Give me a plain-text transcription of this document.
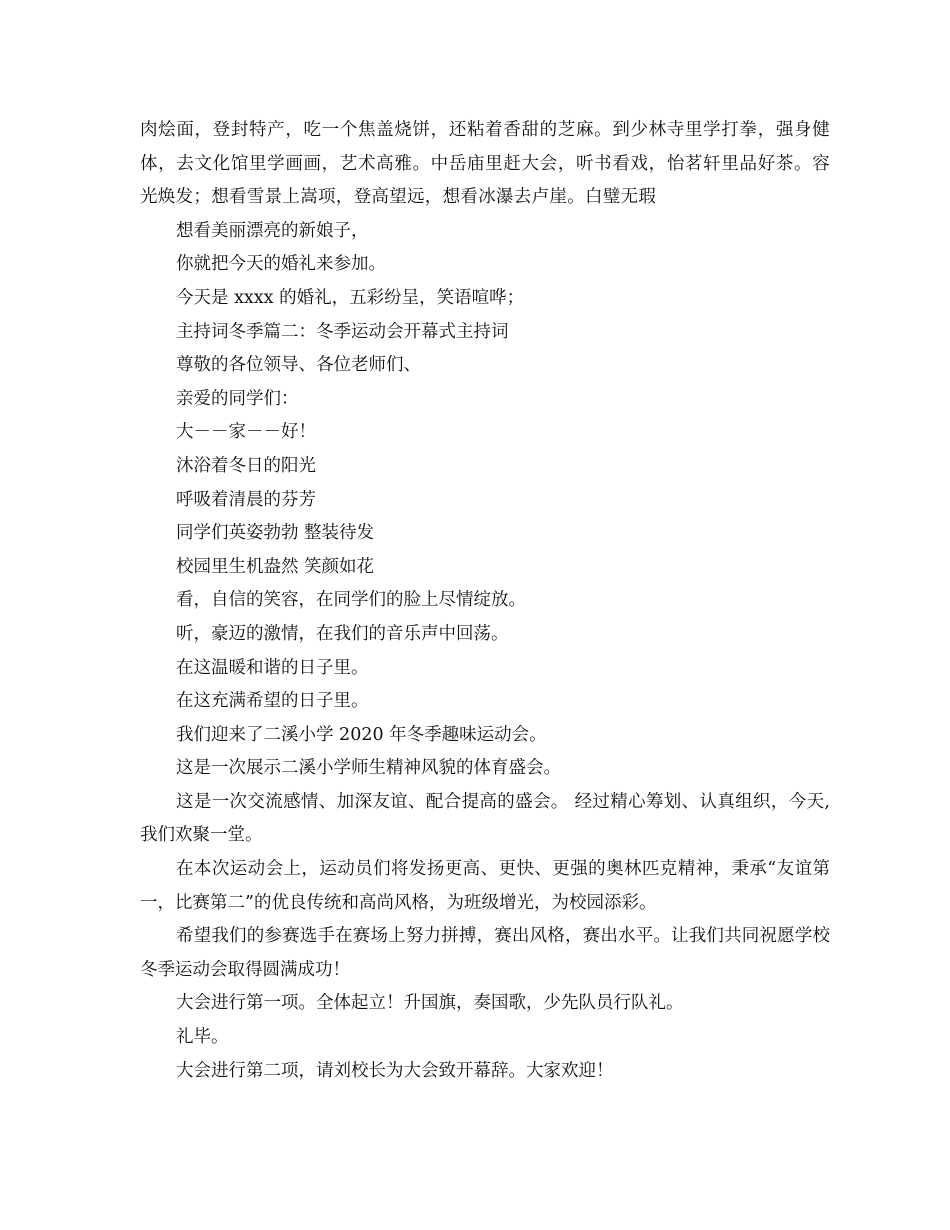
肉烩面，登封特产，吃一个焦盖烧饼，还粘着香甜的芝麻。到少林寺里学打拳，强身健体，去文化馆里学画画，艺术高雅。中岳庙里赶大会，听书看戏，怡茗轩里品好茶。容光焕发；想看雪景上嵩项，登高望远，想看冰瀑去卢崖。白璧无瑕

想看美丽漂亮的新娘子，

你就把今天的婚礼来参加。

今天是 xxxx 的婚礼，五彩纷呈，笑语喧哗；

主持词冬季篇二：冬季运动会开幕式主持词

尊敬的各位领导、各位老师们、

亲爱的同学们：

大－－家－－好！

沐浴着冬日的阳光

呼吸着清晨的芬芳

同学们英姿勃勃 整装待发

校园里生机盎然 笑颜如花

看，自信的笑容，在同学们的脸上尽情绽放。

听，豪迈的激情，在我们的音乐声中回荡。

在这温暖和谐的日子里。

在这充满希望的日子里。

我们迎来了二溪小学 2020 年冬季趣味运动会。

这是一次展示二溪小学师生精神风貌的体育盛会。

这是一次交流感情、加深友谊、配合提高的盛会。 经过精心筹划、认真组织，今天,我们欢聚一堂。

在本次运动会上，运动员们将发扬更高、更快、更强的奥林匹克精神，秉承“友谊第一，比赛第二”的优良传统和高尚风格，为班级增光，为校园添彩。

希望我们的参赛选手在赛场上努力拼搏，赛出风格，赛出水平。让我们共同祝愿学校冬季运动会取得圆满成功！

大会进行第一项。全体起立！升国旗，奏国歌，少先队员行队礼。

礼毕。

大会进行第二项，请刘校长为大会致开幕辞。大家欢迎！
